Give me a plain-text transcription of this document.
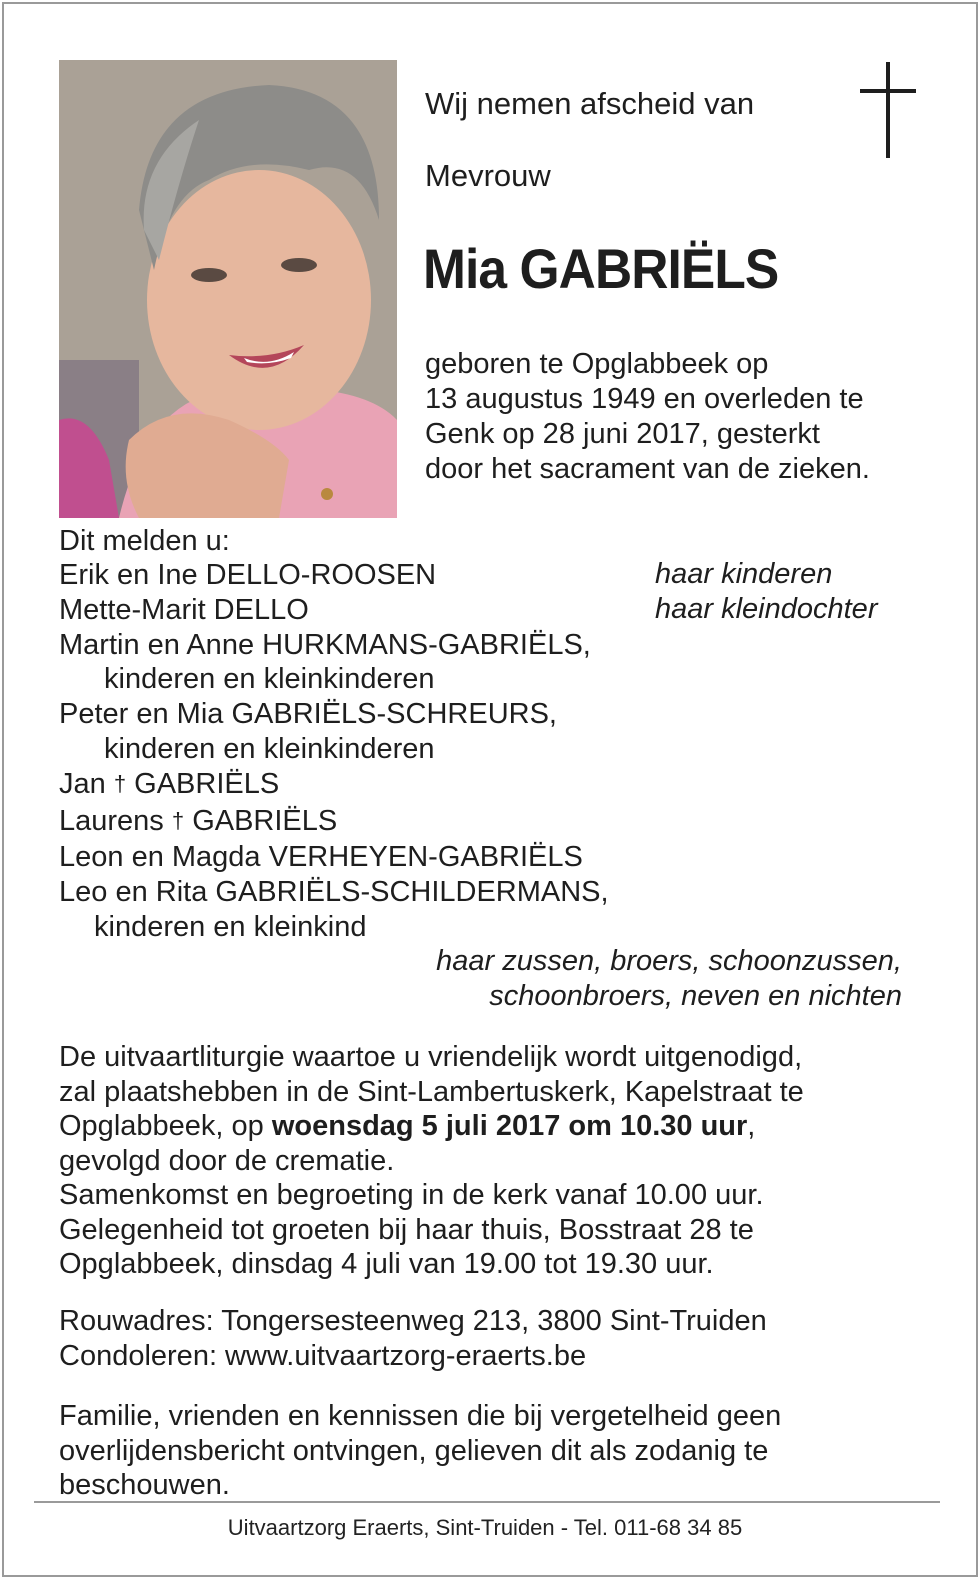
Wij nemen afscheid van
Mevrouw
Mia GABRIËLS
geboren te Opglabbeek op
13 augustus 1949 en overleden te
Genk op 28 juni 2017, gesterkt
door het sacrament van de zieken.
Dit melden u:
Erik en Ine DELLO-ROOSEN
Mette-Marit DELLO
Martin en Anne HURKMANS-GABRIËLS,
kinderen en kleinkinderen
Peter en Mia GABRIËLS-SCHREURS,
kinderen en kleinkinderen
Jan † GABRIËLS
Laurens † GABRIËLS
Leon en Magda VERHEYEN-GABRIËLS
Leo en Rita GABRIËLS-SCHILDERMANS,
kinderen en kleinkind
haar kinderen
haar kleindochter
haar zussen, broers, schoonzussen,
schoonbroers, neven en nichten
De uitvaartliturgie waartoe u vriendelijk wordt uitgenodigd,
zal plaatshebben in de Sint-Lambertuskerk, Kapelstraat te
Opglabbeek, op woensdag 5 juli 2017 om 10.30 uur,
gevolgd door de crematie.
Samenkomst en begroeting in de kerk vanaf 10.00 uur.
Gelegenheid tot groeten bij haar thuis, Bosstraat 28 te
Opglabbeek, dinsdag 4 juli van 19.00 tot 19.30 uur.
Rouwadres: Tongersesteenweg 213, 3800 Sint-Truiden
Condoleren: www.uitvaartzorg-eraerts.be
Familie, vrienden en kennissen die bij vergetelheid geen
overlijdensbericht ontvingen, gelieven dit als zodanig te
beschouwen.
Uitvaartzorg Eraerts, Sint-Truiden - Tel. 011-68 34 85
